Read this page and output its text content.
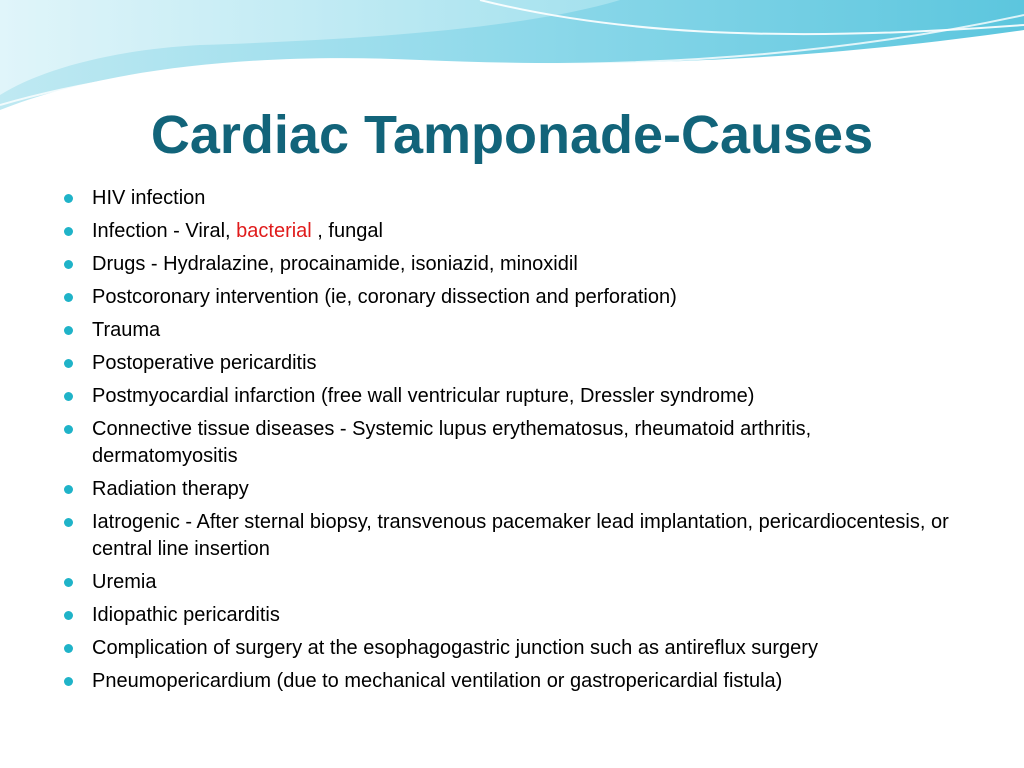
Cardiac Tamponade-Causes
HIV infection
Infection - Viral, bacterial , fungal
Drugs - Hydralazine, procainamide, isoniazid, minoxidil
Postcoronary intervention (ie, coronary dissection and perforation)
Trauma
Postoperative pericarditis
Postmyocardial infarction (free wall ventricular rupture, Dressler syndrome)
Connective tissue diseases - Systemic lupus erythematosus, rheumatoid arthritis, dermatomyositis
Radiation therapy
Iatrogenic - After sternal biopsy, transvenous pacemaker lead implantation, pericardiocentesis, or central line insertion
Uremia
Idiopathic pericarditis
Complication of surgery at the esophagogastric junction such as antireflux surgery
Pneumopericardium (due to mechanical ventilation or gastropericardial fistula)
